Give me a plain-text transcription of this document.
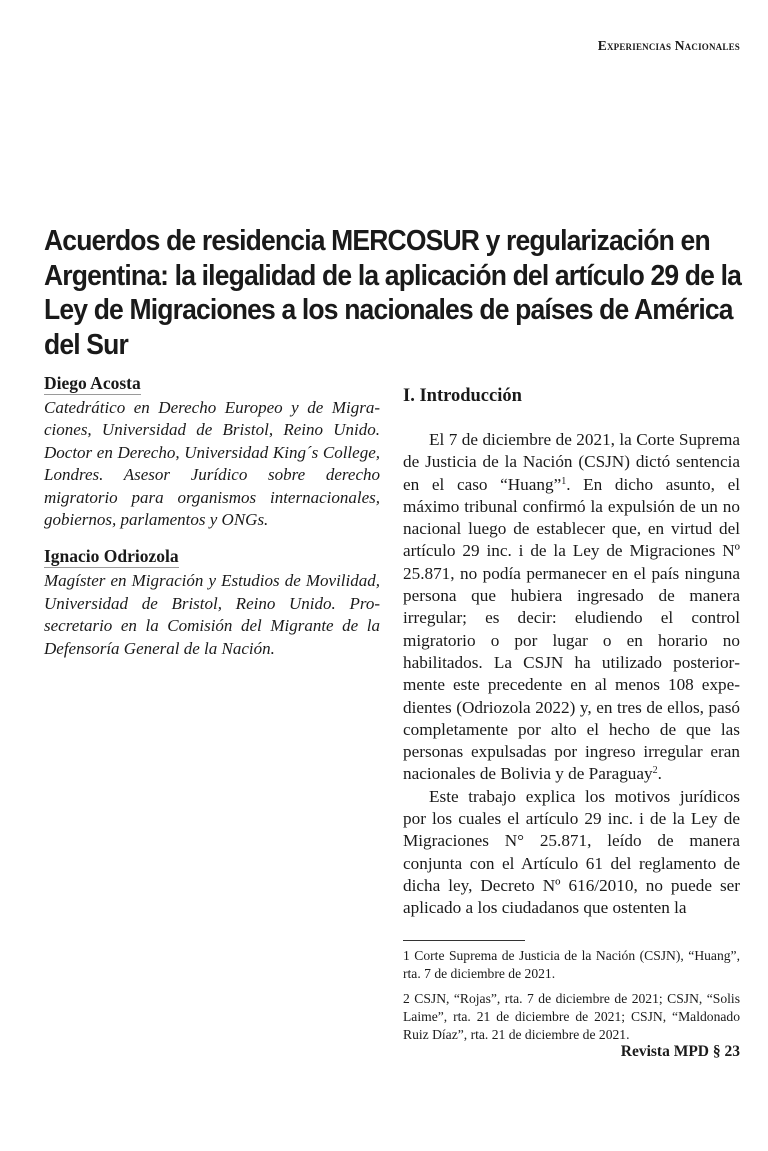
Experiencias Nacionales
Acuerdos de residencia MERCOSUR y regularización en Argentina: la ilegalidad de la aplicación del artículo 29 de la Ley de Migraciones a los nacionales de países de América del Sur
Diego Acosta

Catedrático en Derecho Europeo y de Migraciones, Universidad de Bristol, Reino Unido. Doctor en Derecho, Universidad King´s College, Londres. Asesor Jurídico sobre derecho migratorio para organismos internacionales, gobiernos, parlamentos y ONGs.

Ignacio Odriozola

Magíster en Migración y Estudios de Movilidad, Universidad de Bristol, Reino Unido. Prosecretario en la Comisión del Migrante de la Defensoría General de la Nación.

I. Introducción

El 7 de diciembre de 2021, la Corte Suprema de Justicia de la Nación (CSJN) dictó sentencia en el caso “Huang”$^1$. En dicho asunto, el máximo tribunal confirmó la expulsión de un no nacional luego de establecer que, en virtud del artículo 29 inc. i de la Ley de Migraciones Nº 25.871, no podía permanecer en el país ninguna persona que hubiera ingresado de manera irregular; es decir: eludiendo el control migratorio o por lugar o en horario no habilitados. La CSJN ha utilizado posteriormente este precedente en al menos 108 expedientes (Odriozola 2022) y, en tres de ellos, pasó completamente por alto el hecho de que las personas expulsadas por ingreso irregular eran nacionales de Bolivia y de Paraguay$^2$.

Este trabajo explica los motivos jurídicos por los cuales el artículo 29 inc. i de la Ley de Migraciones N° 25.871, leído de manera conjunta con el Artículo 61 del reglamento de dicha ley, Decreto Nº 616/2010, no puede ser aplicado a los ciudadanos que ostenten la

1 Corte Suprema de Justicia de la Nación (CSJN), “Huang”, rta. 7 de diciembre de 2021.

2 CSJN, “Rojas”, rta. 7 de diciembre de 2021; CSJN, “Solis Laime”, rta. 21 de diciembre de 2021; CSJN, “Maldonado Ruiz Díaz”, rta. 21 de diciembre de 2021.

Revista MPD § 23
